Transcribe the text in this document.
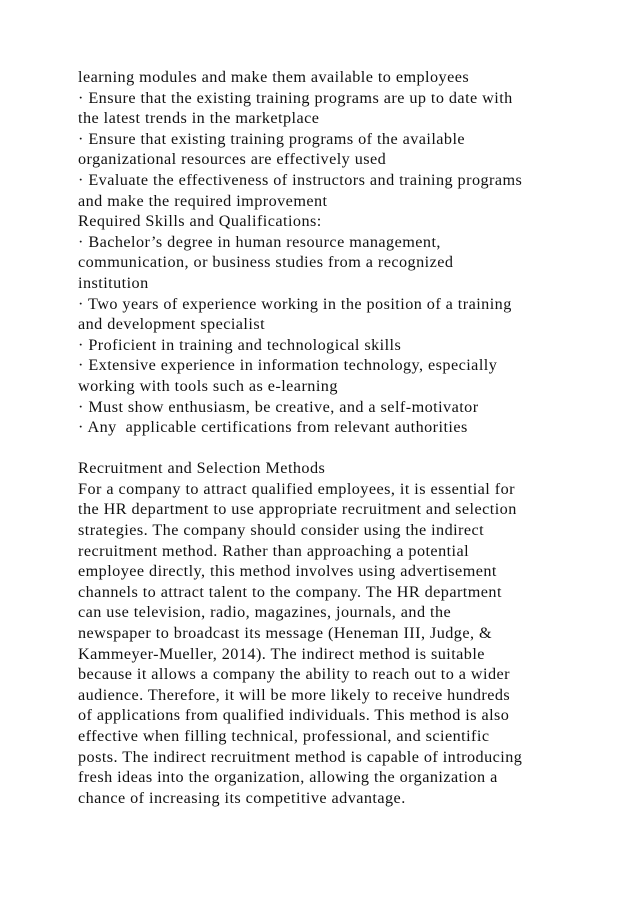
learning modules and make them available to employees
· Ensure that the existing training programs are up to date with
the latest trends in the marketplace
· Ensure that existing training programs of the available
organizational resources are effectively used
· Evaluate the effectiveness of instructors and training programs
and make the required improvement
Required Skills and Qualifications:
· Bachelor’s degree in human resource management,
communication, or business studies from a recognized
institution
· Two years of experience working in the position of a training
and development specialist
· Proficient in training and technological skills
· Extensive experience in information technology, especially
working with tools such as e-learning
· Must show enthusiasm, be creative, and a self-motivator
· Any  applicable certifications from relevant authorities
Recruitment and Selection Methods
For a company to attract qualified employees, it is essential for
the HR department to use appropriate recruitment and selection
strategies. The company should consider using the indirect
recruitment method. Rather than approaching a potential
employee directly, this method involves using advertisement
channels to attract talent to the company. The HR department
can use television, radio, magazines, journals, and the
newspaper to broadcast its message (Heneman III, Judge, &
Kammeyer-Mueller, 2014). The indirect method is suitable
because it allows a company the ability to reach out to a wider
audience. Therefore, it will be more likely to receive hundreds
of applications from qualified individuals. This method is also
effective when filling technical, professional, and scientific
posts. The indirect recruitment method is capable of introducing
fresh ideas into the organization, allowing the organization a
chance of increasing its competitive advantage.
